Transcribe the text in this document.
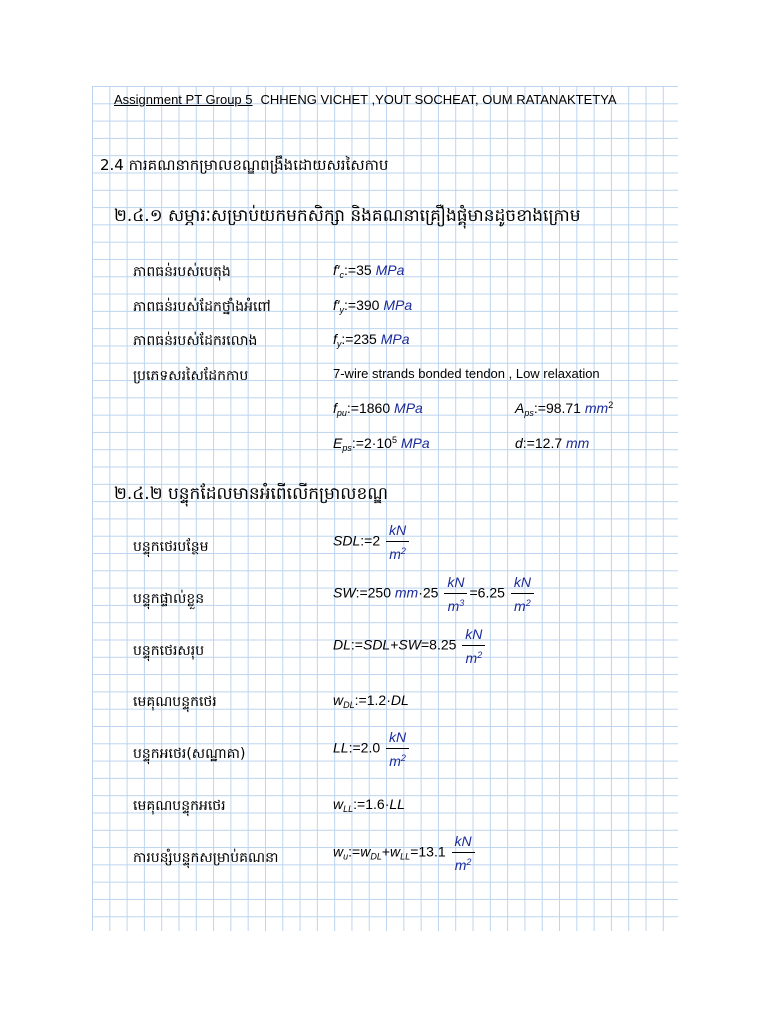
Assignment PT Group 5 CHHENG VICHET ,YOUT SOCHEAT, OUM RATANAKTETYA
2.4 ការគណនាកម្រាលខណ្ឌពង្រឹងដោយសរសៃកាប
២.៤.១ សម្ភារៈសម្រាប់យកមកសិក្សា និងគណនាគ្រឿងផ្គុំមានដូចខាងក្រោម
ភាពធន់របស់បេតុង	$f'_c:=35$ MPa
ភាពធន់របស់ដែកថ្នាំងអំពៅ	$f'_y:=390$ MPa
ភាពធន់របស់ដែករលោង	$f_y:=235$ MPa
ប្រភេទសរសៃដែកកាប	7-wire strands bonded tendon , Low relaxation
$f_{pu}:=1860$ MPa	$A_{ps}:=98.71$ $mm^2$
$E_{ps}:=2\cdot 10^5$ MPa	d:=12.7 mm
២.៤.២ បន្ទុកដែលមានអំពើលើកម្រាលខណ្ឌ
បន្ទុកថេរបន្ថែម	SDL:=2 $\frac{kN}{m^2}$
បន្ទុកផ្ទាល់ខ្លួន	SW:=250 $mm\cdot 25 \frac{kN}{m^3} =6.25 \frac{kN}{m^2}$
បន្ទុកថេរសរុប	DL:=SDL+SW=8.25 $\frac{kN}{m^2}$
មេគុណបន្ទុកថេរ	$w_{DL}:=1.2\cdot DL$
បន្ទុកអថេរ(សណ្ឋាគា)	LL:=2.0 $\frac{kN}{m^2}$
មេគុណបន្ទុកអថេរ	$w_{LL}:=1.6\cdot LL$
ការបន្សំបន្ទុកសម្រាប់គណនា	$w_u:=w_{DL}+w_{LL}=13.1 \frac{kN}{m^2}$
